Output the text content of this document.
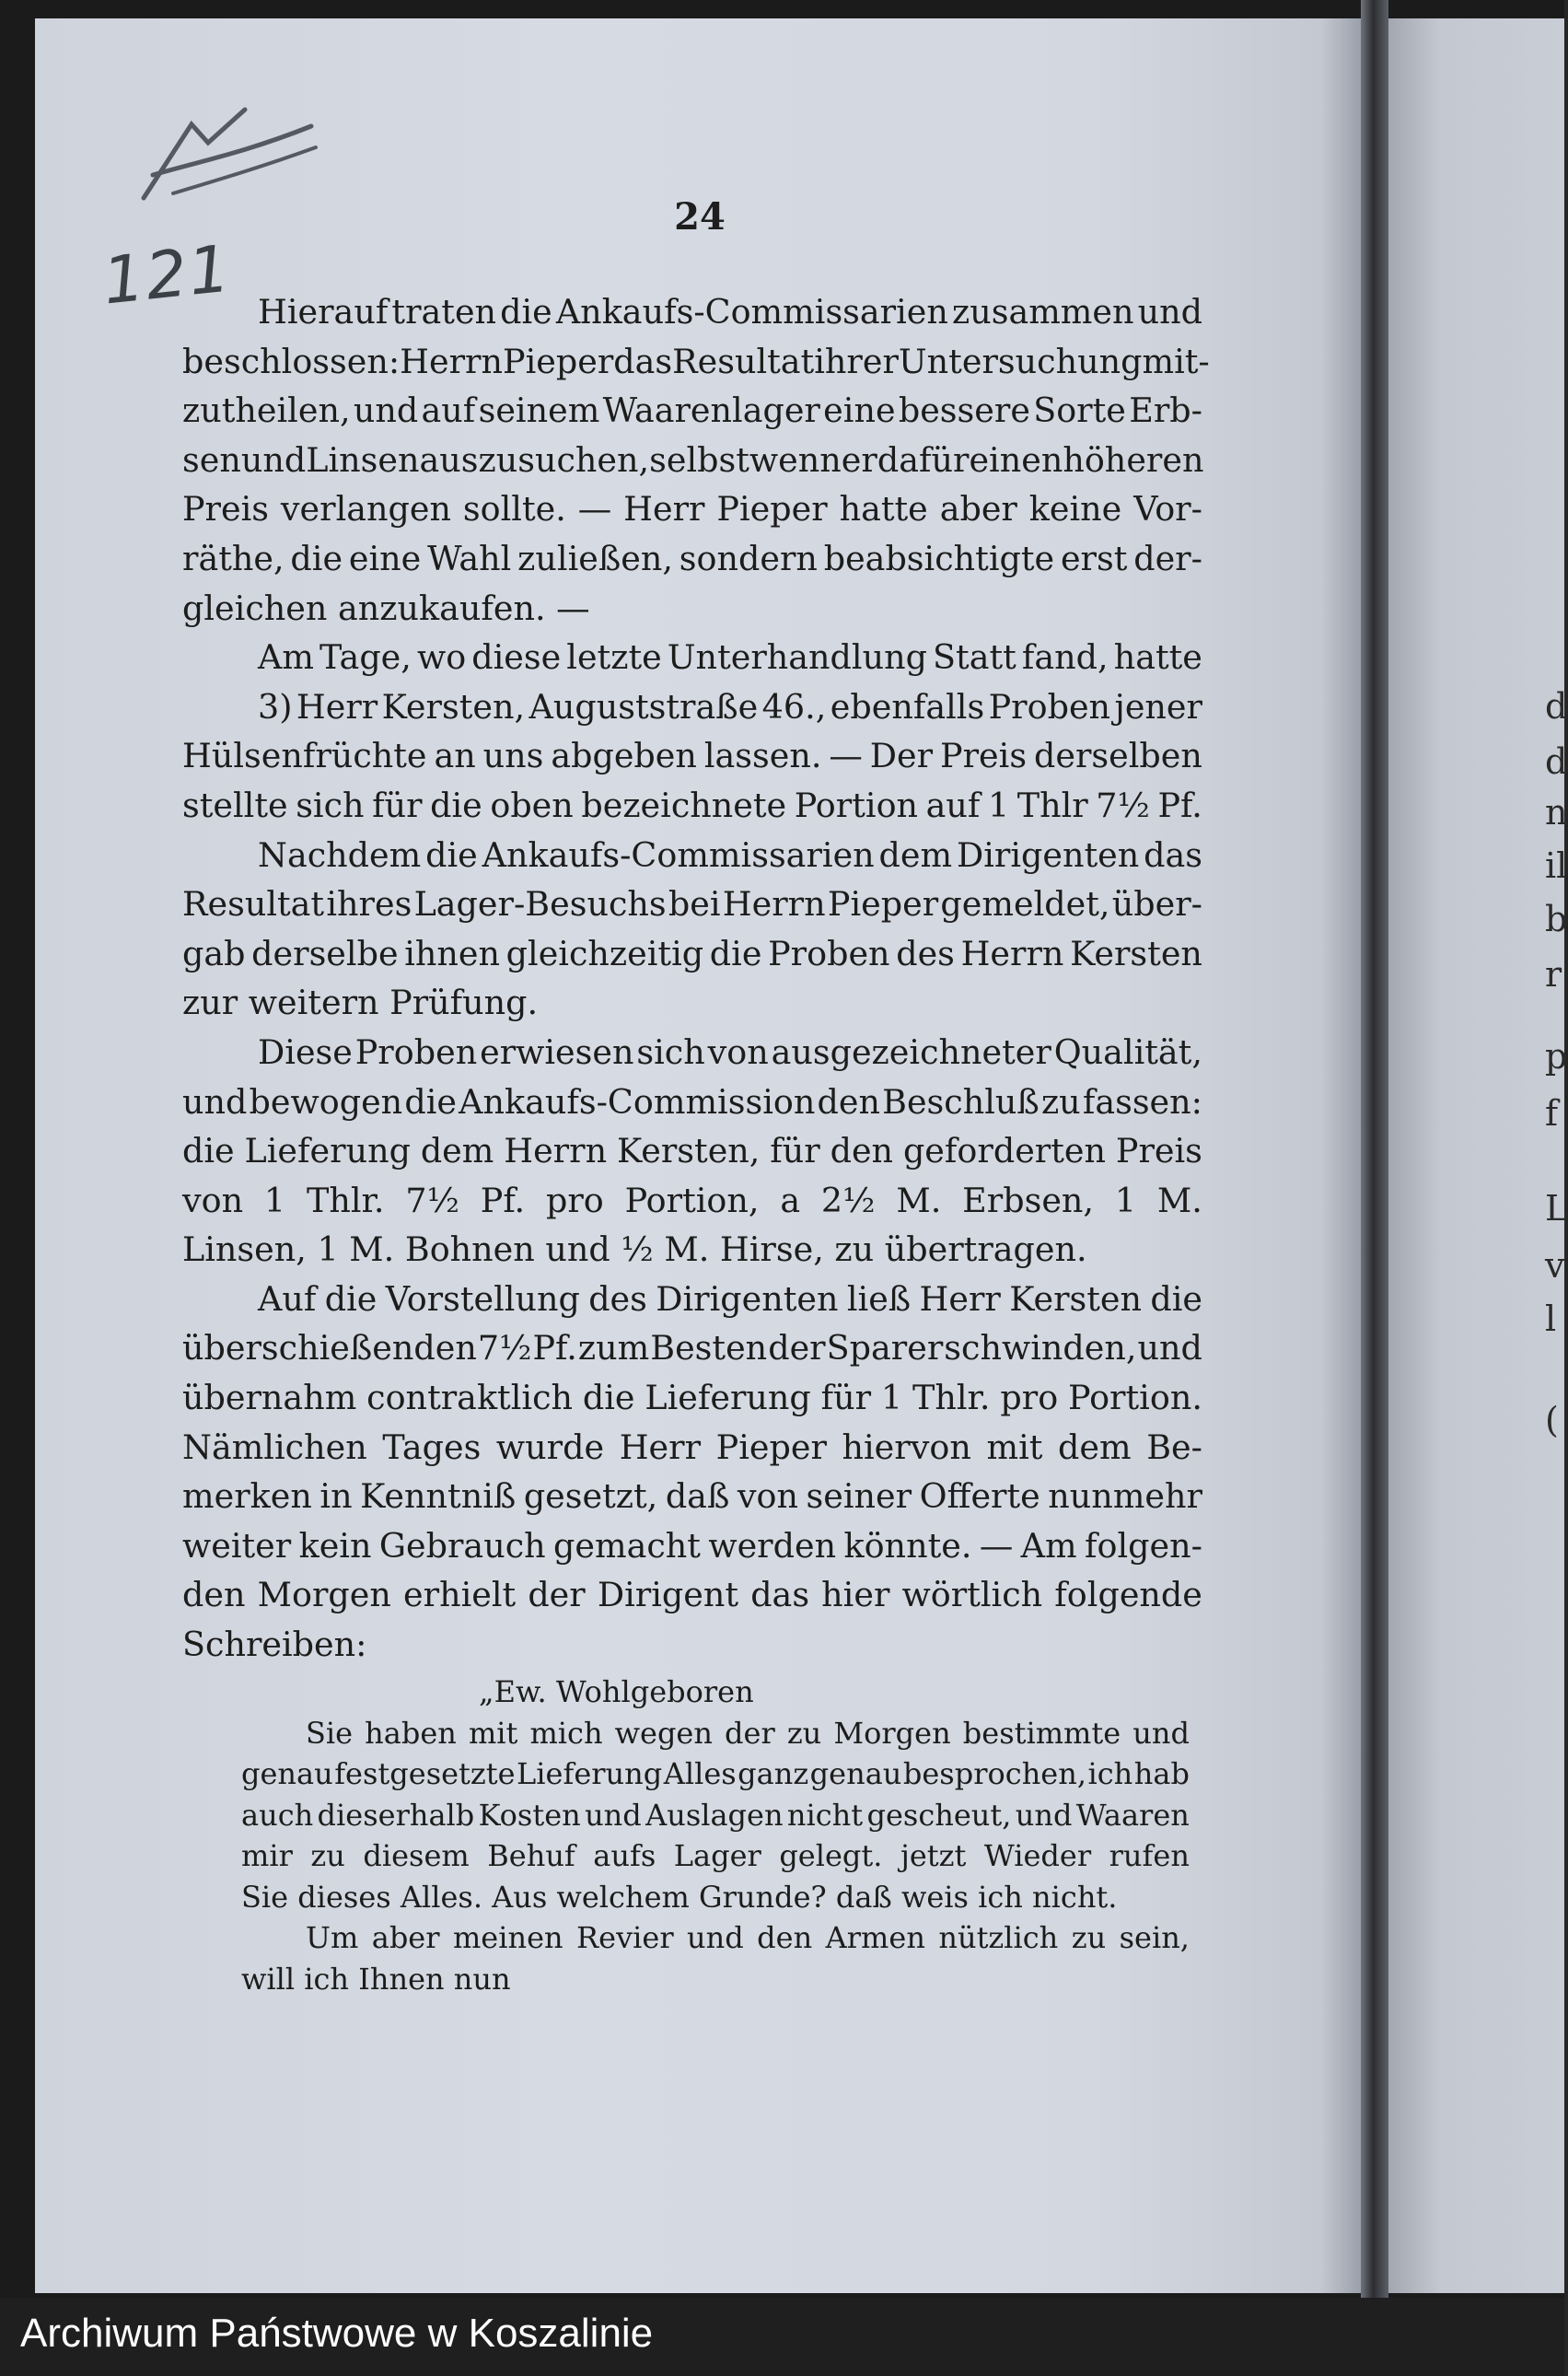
121
d
d
n
il
b
r
p
f
L
v
l
(
24
Hierauf traten die Ankaufs-Commissarien zusammen und
beschlossen: Herrn Pieper das Resultat ihrer Untersuchung mit-
zutheilen, und auf seinem Waarenlager eine bessere Sorte Erb-
sen und Linsen auszusuchen, selbst wenn er dafür einen höheren
Preis verlangen sollte. — Herr Pieper hatte aber keine Vor-
räthe, die eine Wahl zuließen, sondern beabsichtigte erst der-
gleichen anzukaufen. —
Am Tage, wo diese letzte Unterhandlung Statt fand, hatte
3) Herr Kersten, Auguststraße 46., ebenfalls Proben jener
Hülsenfrüchte an uns abgeben lassen. — Der Preis derselben
stellte sich für die oben bezeichnete Portion auf 1 Thlr 7½ Pf.
Nachdem die Ankaufs-Commissarien dem Dirigenten das
Resultat ihres Lager-Besuchs bei Herrn Pieper gemeldet, über-
gab derselbe ihnen gleichzeitig die Proben des Herrn Kersten
zur weitern Prüfung.
Diese Proben erwiesen sich von ausgezeichneter Qualität,
und bewogen die Ankaufs-Commission den Beschluß zu fassen:
die Lieferung dem Herrn Kersten, für den geforderten Preis
von 1 Thlr. 7½ Pf. pro Portion, a 2½ M. Erbsen, 1 M.
Linsen, 1 M. Bohnen und ½ M. Hirse, zu übertragen.
Auf die Vorstellung des Dirigenten ließ Herr Kersten die
überschießenden 7½ Pf. zum Besten der Sparer schwinden, und
übernahm contraktlich die Lieferung für 1 Thlr. pro Portion.
Nämlichen Tages wurde Herr Pieper hiervon mit dem Be-
merken in Kenntniß gesetzt, daß von seiner Offerte nunmehr
weiter kein Gebrauch gemacht werden könnte. — Am folgen-
den Morgen erhielt der Dirigent das hier wörtlich folgende
Schreiben:
„Ew. Wohlgeboren
Sie haben mit mich wegen der zu Morgen bestimmte und
genau festgesetzte Lieferung Alles ganz genau besprochen, ich hab
auch dieserhalb Kosten und Auslagen nicht gescheut, und Waaren
mir zu diesem Behuf aufs Lager gelegt. jetzt Wieder rufen
Sie dieses Alles. Aus welchem Grunde? daß weis ich nicht.
Um aber meinen Revier und den Armen nützlich zu sein,
will ich Ihnen nun
Archiwum Państwowe w Koszalinie
